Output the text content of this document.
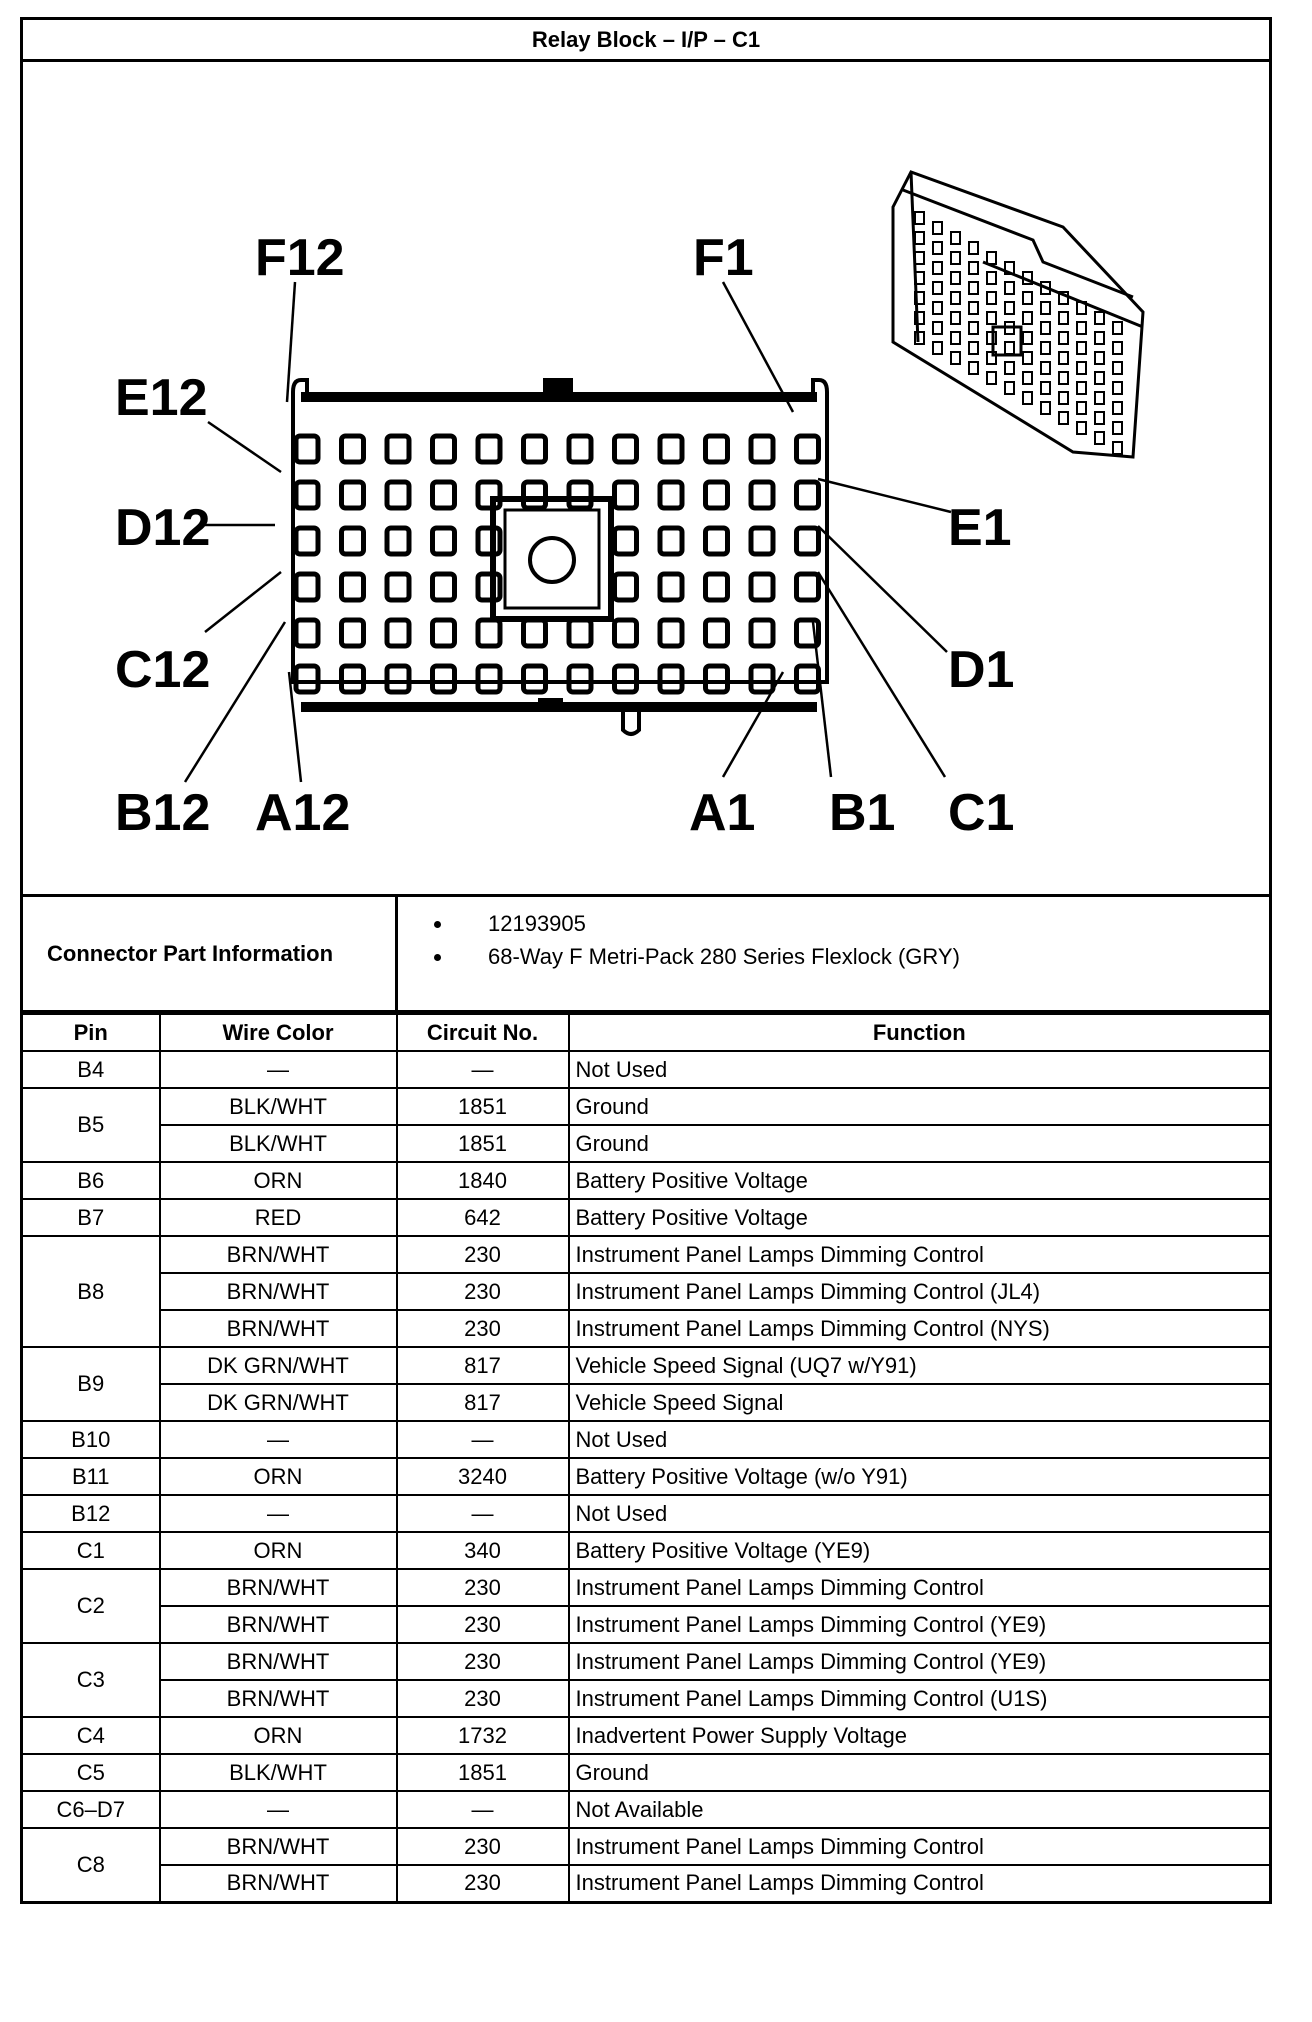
Relay Block – I/P – C1
F12
E12
D12
C12
B12 A12
F1
E1
D1
C1
B1
A1
Connector Part Information
• 12193905
• 68-Way F Metri-Pack 280 Series Flexlock (GRY)
Pin	Wire Color	Circuit No.	Function
B4	—	—	Not Used
B5	BLK/WHT	1851	Ground
	BLK/WHT	1851	Ground
B6	ORN	1840	Battery Positive Voltage
B7	RED	642	Battery Positive Voltage
B8	BRN/WHT	230	Instrument Panel Lamps Dimming Control
	BRN/WHT	230	Instrument Panel Lamps Dimming Control (JL4)
	BRN/WHT	230	Instrument Panel Lamps Dimming Control (NYS)
B9	DK GRN/WHT	817	Vehicle Speed Signal (UQ7 w/Y91)
	DK GRN/WHT	817	Vehicle Speed Signal
B10	—	—	Not Used
B11	ORN	3240	Battery Positive Voltage (w/o Y91)
B12	—	—	Not Used
C1	ORN	340	Battery Positive Voltage (YE9)
C2	BRN/WHT	230	Instrument Panel Lamps Dimming Control
	BRN/WHT	230	Instrument Panel Lamps Dimming Control (YE9)
C3	BRN/WHT	230	Instrument Panel Lamps Dimming Control (YE9)
	BRN/WHT	230	Instrument Panel Lamps Dimming Control (U1S)
C4	ORN	1732	Inadvertent Power Supply Voltage
C5	BLK/WHT	1851	Ground
C6–D7	—	—	Not Available
C8	BRN/WHT	230	Instrument Panel Lamps Dimming Control
	BRN/WHT	230	Instrument Panel Lamps Dimming Control
